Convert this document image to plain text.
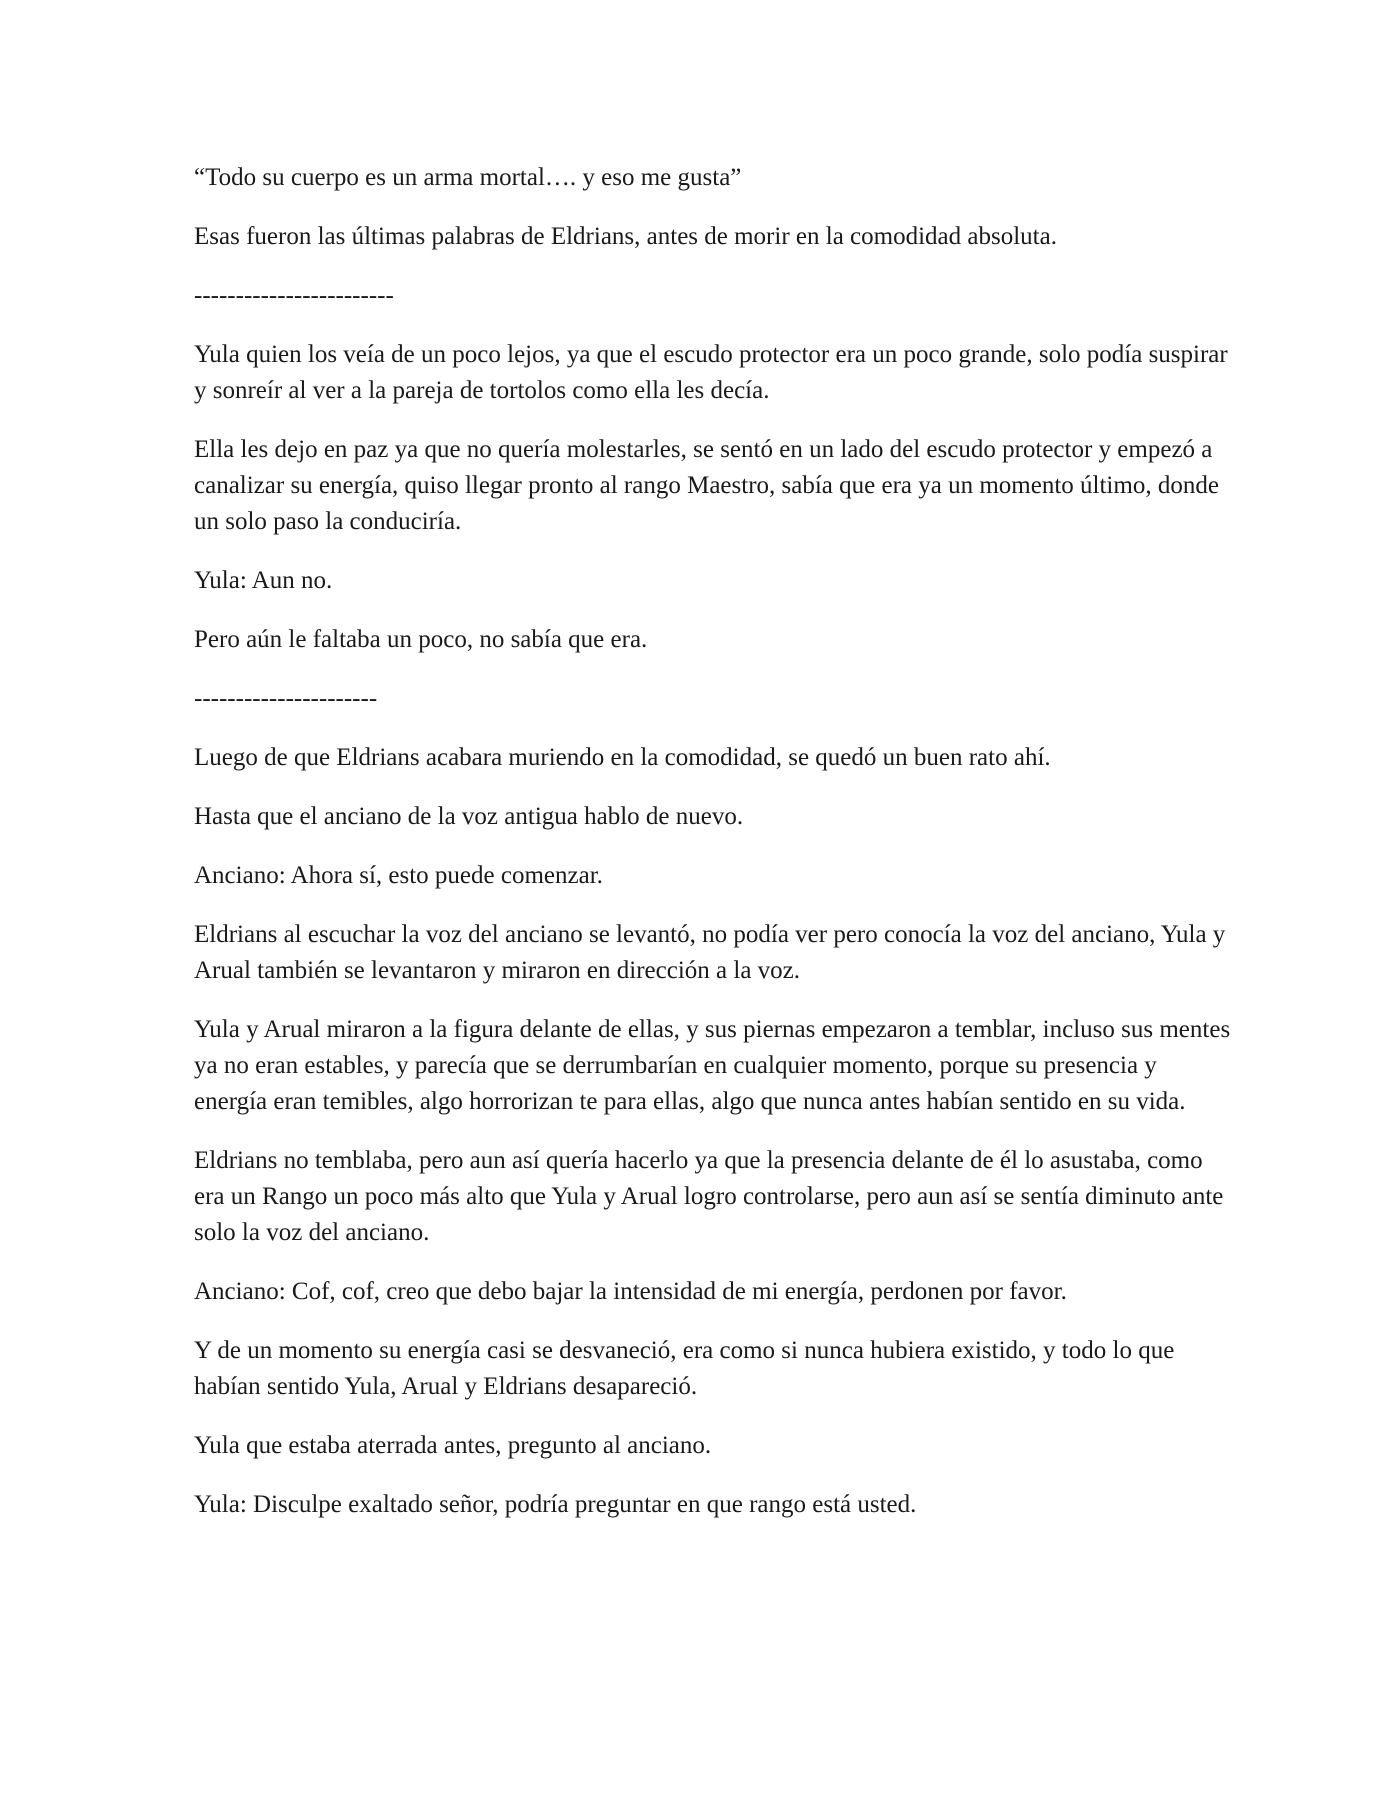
“Todo su cuerpo es un arma mortal…. y eso me gusta”

Esas fueron las últimas palabras de Eldrians, antes de morir en la comodidad absoluta.

------------------------

Yula quien los veía de un poco lejos, ya que el escudo protector era un poco grande, solo podía suspirar y sonreír al ver a la pareja de tortolos como ella les decía.

Ella les dejo en paz ya que no quería molestarles, se sentó en un lado del escudo protector y empezó a canalizar su energía, quiso llegar pronto al rango Maestro, sabía que era ya un momento último, donde un solo paso la conduciría.

Yula: Aun no.

Pero aún le faltaba un poco, no sabía que era.

----------------------

Luego de que Eldrians acabara muriendo en la comodidad, se quedó un buen rato ahí.

Hasta que el anciano de la voz antigua hablo de nuevo.

Anciano: Ahora sí, esto puede comenzar.

Eldrians al escuchar la voz del anciano se levantó, no podía ver pero conocía la voz del anciano, Yula y Arual también se levantaron y miraron en dirección a la voz.

Yula y Arual miraron a la figura delante de ellas, y sus piernas empezaron a temblar, incluso sus mentes ya no eran estables, y parecía que se derrumbarían en cualquier momento, porque su presencia y energía eran temibles, algo horrorizan te para ellas, algo que nunca antes habían sentido en su vida.

Eldrians no temblaba, pero aun así quería hacerlo ya que la presencia delante de él lo asustaba, como era un Rango un poco más alto que Yula y Arual logro controlarse, pero aun así se sentía diminuto ante solo la voz del anciano.

Anciano: Cof, cof, creo que debo bajar la intensidad de mi energía, perdonen por favor.

Y de un momento su energía casi se desvaneció, era como si nunca hubiera existido, y todo lo que habían sentido Yula, Arual y Eldrians desapareció.

Yula que estaba aterrada antes, pregunto al anciano.

Yula: Disculpe exaltado señor, podría preguntar en que rango está usted.
